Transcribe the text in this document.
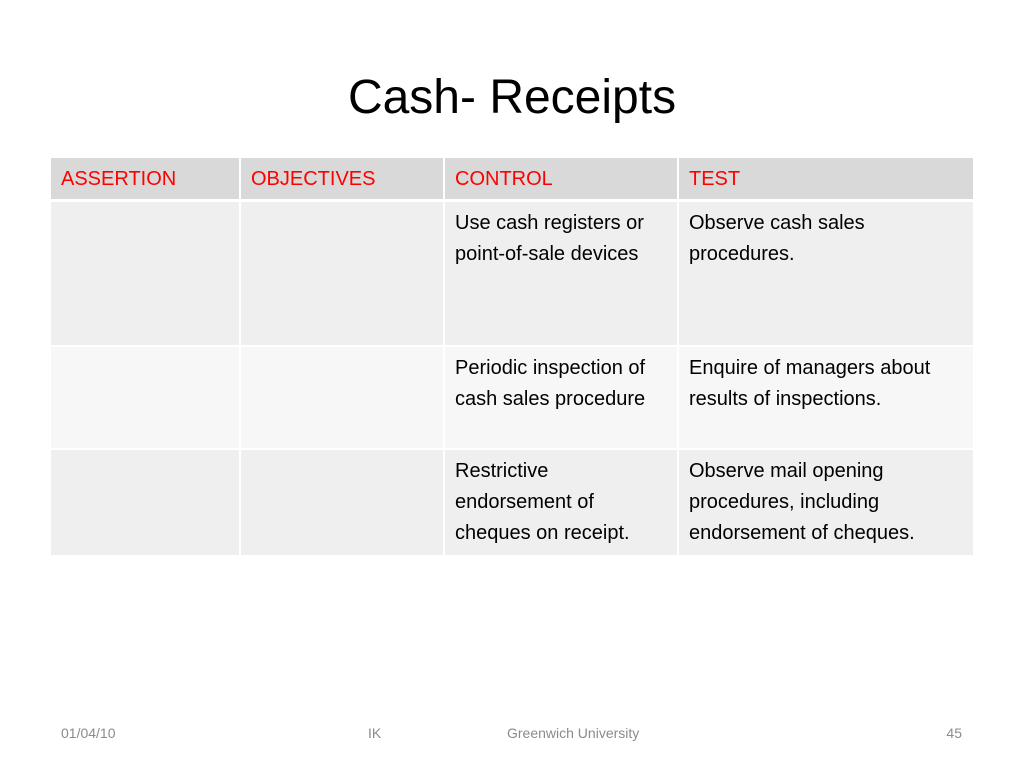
Cash- Receipts
ASSERTION	OBJECTIVES	CONTROL	TEST
		Use cash registers or point-of-sale devices	Observe cash sales procedures.
		Periodic inspection of cash sales procedure	Enquire of managers about results of inspections.
		Restrictive endorsement of cheques on receipt.	Observe mail opening procedures, including endorsement of cheques.
01/04/10	IK	Greenwich University	45
